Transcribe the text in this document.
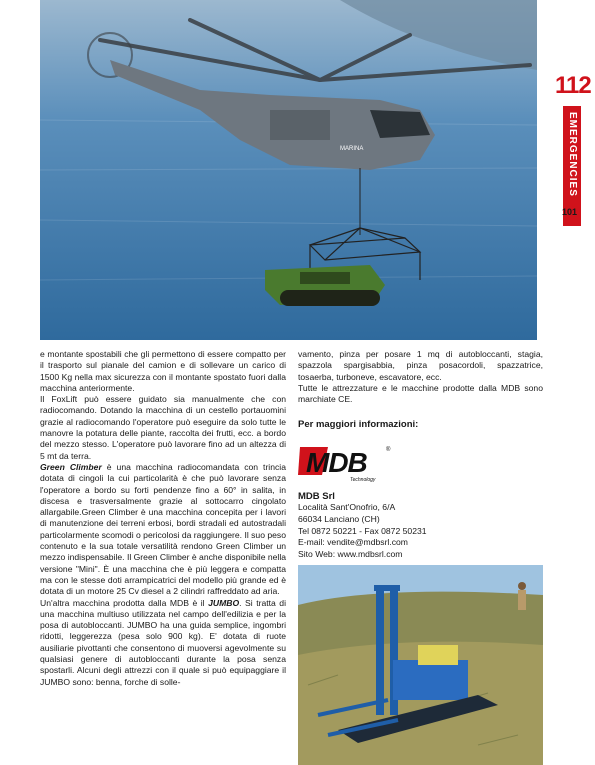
MARINA
112
EMERGENCIES
101

e montante spostabili che gli permettono di essere compatto per il trasporto sul pianale del camion e di sollevare un carico di 1500 Kg nella max sicurezza con il montante spostato fuori dalla macchina anteriormente.

Il FoxLift può essere guidato sia manualmente che con radiocomando. Dotando la macchina di un cestello portauomini grazie al radiocomando l'operatore può eseguire da solo tutte le manovre la potatura delle piante, raccolta dei frutti, ecc. a bordo del mezzo stesso. L'operatore può lavorare fino ad un altezza di 5 mt da terra.

Green Climber è una macchina radiocomandata con trincia dotata di cingoli la cui particolarità è che può lavorare senza l'operatore a bordo su forti pendenze fino a 60° in salita, in discesa e trasversalmente grazie al sottocarro cingolato allargabile.Green Climber è una macchina concepita per i lavori di manutenzione dei terreni erbosi, bordi stradali ed autostradali particolarmente scomodi o pericolosi da raggiungere. Il suo peso contenuto e la sua totale versatilità rendono Green Climber un mezzo indispensabile. Il Green Climber è anche disponibile nella versione "Mini". È una macchina che è più leggera e compatta ma con le stesse doti arrampicatrici del modello più grande ed è dotata di un motore 25 Cv diesel a 2 cilindri raffreddato ad aria.

Un'altra macchina prodotta dalla MDB è il JUMBO. Si tratta di una macchina multiuso utilizzata nel campo dell'edilizia e per la posa di autobloccanti. JUMBO ha una guida semplice, ingombri ridotti, leggerezza (pesa solo 900 kg). E' dotata di ruote ausiliarie pivottanti che consentono di muoversi agevolmente su qualsiasi genere di autobloccanti durante la posa senza spostarli. Alcuni degli attrezzi con il quale si può equipaggiare il JUMBO sono: benna, forche di solle-

vamento, pinza per posare 1 mq di autobloccanti, stagia, spazzola spargisabbia, pinza posacordoli, spazzatrice, tosaerba, turboneve, escavatore, ecc.

Tutte le attrezzature e le macchine prodotte dalla MDB sono marchiate CE.

Per maggiori informazioni:

MDB	®
Technology

MDB Srl

Località Sant'Onofrio, 6/A

66034 Lanciano (CH)

Tel 0872 50221 - Fax 0872 50231

E-mail: vendite@mdbsrl.com

Sito Web: www.mdbsrl.com
